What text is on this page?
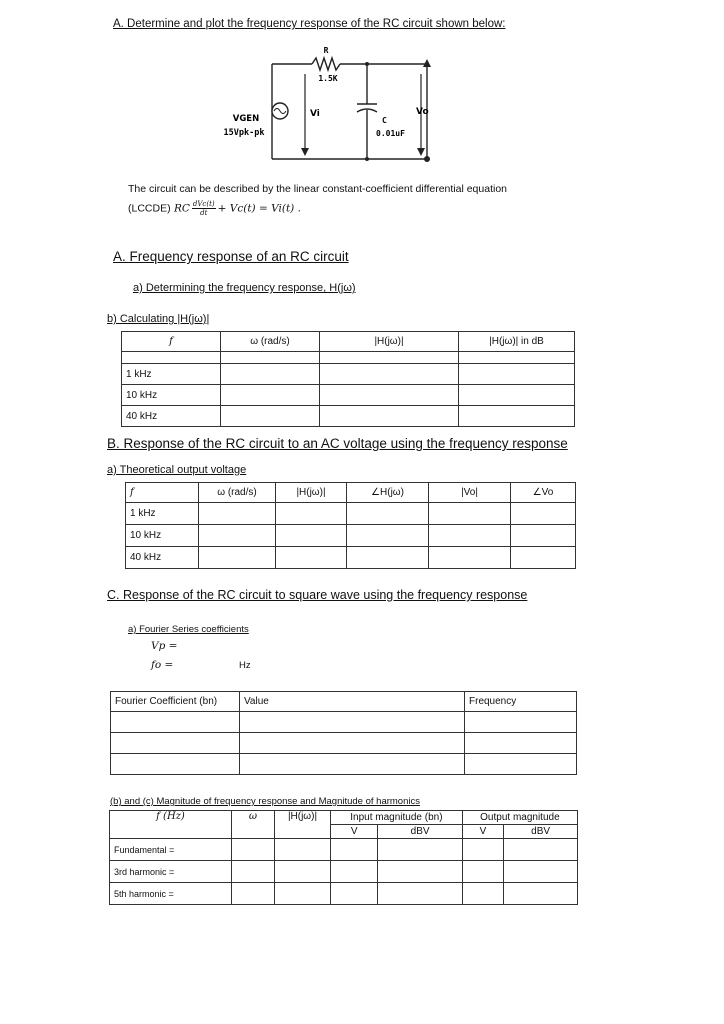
A. Determine and plot the frequency response of the RC circuit shown below:
R
1.5K
VGEN
15Vpk-pk
Vi	Vo
C
0.01uF
The circuit can be described by the linear constant-coefficient differential equation
(LCCDE) RC $\frac{\text{dVc(t)}}{dt} + Vc(t) = Vi(t)$ .
A. Frequency response of an RC circuit
a) Determining the frequency response, H(jω)
b) Calculating |H(jω)|
f	ω (rad/s)	|H(jω)|	|H(jω)| in dB

1 kHz			
10 kHz			
40 kHz			
B. Response of the RC circuit to an AC voltage using the frequency response
a) Theoretical output voltage
f	ω (rad/s)	|H(jω)|	∠H(jω)	|Vo|	∠Vo
1 kHz					
10 kHz					
40 kHz					
C. Response of the RC circuit to square wave using the frequency response
a) Fourier Series coefficients
Vp =
fo =	Hz
Fourier Coefficient (bn)	Value	Frequency

(b) and (c) Magnitude of frequency response and Magnitude of harmonics
f (Hz)	ω	|H(jω)|	Input magnitude (bn)		Output magnitude	
			V	dBV	V	dBV
Fundamental =						
3rd harmonic =						
5th harmonic =						
